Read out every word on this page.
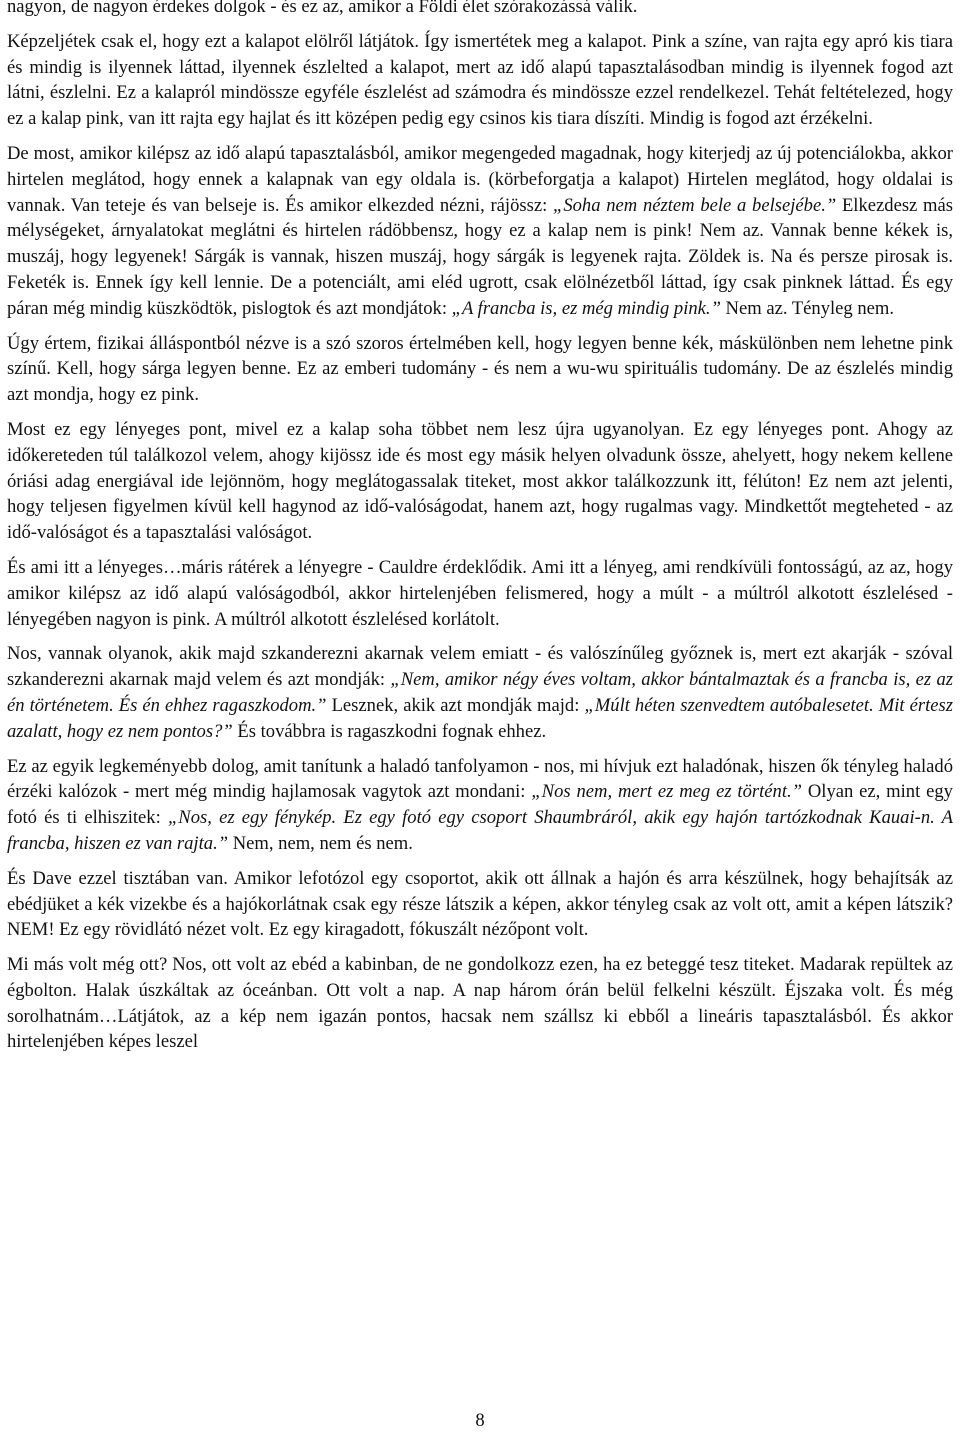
nagyon, de nagyon érdekes dolgok - és ez az, amikor a Földi élet szórakozássá válik.

Képzeljétek csak el, hogy ezt a kalapot elölről látjátok. Így ismertétek meg a kalapot. Pink a színe, van rajta egy apró kis tiara és mindig is ilyennek láttad, ilyennek észlelted a kalapot, mert az idő alapú tapasztalásodban mindig is ilyennek fogod azt látni, észlelni. Ez a kalapról mindössze egyféle észlelést ad számodra és mindössze ezzel rendelkezel. Tehát feltételezed, hogy ez a kalap pink, van itt rajta egy hajlat és itt középen pedig egy csinos kis tiara díszíti. Mindig is fogod azt érzékelni.

De most, amikor kilépsz az idő alapú tapasztalásból, amikor megengeded magadnak, hogy kiterjedj az új potenciálokba, akkor hirtelen meglátod, hogy ennek a kalapnak van egy oldala is. (körbeforgatja a kalapot) Hirtelen meglátod, hogy oldalai is vannak. Van teteje és van belseje is. És amikor elkezded nézni, rájössz: „Soha nem néztem bele a belsejébe.” Elkezdesz más mélységeket, árnyalatokat meglátni és hirtelen rádöbbensz, hogy ez a kalap nem is pink! Nem az. Vannak benne kékek is, muszáj, hogy legyenek! Sárgák is vannak, hiszen muszáj, hogy sárgák is legyenek rajta. Zöldek is. Na és persze pirosak is. Feketék is. Ennek így kell lennie. De a potenciált, ami eléd ugrott, csak elölnézetből láttad, így csak pinknek láttad. És egy páran még mindig küszködtök, pislogtok és azt mondjátok: „A francba is, ez még mindig pink.” Nem az. Tényleg nem.

Úgy értem, fizikai álláspontból nézve is a szó szoros értelmében kell, hogy legyen benne kék, máskülönben nem lehetne pink színű. Kell, hogy sárga legyen benne. Ez az emberi tudomány - és nem a wu-wu spirituális tudomány. De az észlelés mindig azt mondja, hogy ez pink.

Most ez egy lényeges pont, mivel ez a kalap soha többet nem lesz újra ugyanolyan. Ez egy lényeges pont. Ahogy az időkereteden túl találkozol velem, ahogy kijössz ide és most egy másik helyen olvadunk össze, ahelyett, hogy nekem kellene óriási adag energiával ide lejönnöm, hogy meglátogassalak titeket, most akkor találkozzunk itt, félúton! Ez nem azt jelenti, hogy teljesen figyelmen kívül kell hagynod az idő-valóságodat, hanem azt, hogy rugalmas vagy. Mindkettőt megteheted - az idő-valóságot és a tapasztalási valóságot.

És ami itt a lényeges…máris rátérek a lényegre - Cauldre érdeklődik. Ami itt a lényeg, ami rendkívüli fontosságú, az az, hogy amikor kilépsz az idő alapú valóságodból, akkor hirtelenjében felismered, hogy a múlt - a múltról alkotott észlelésed - lényegében nagyon is pink. A múltról alkotott észlelésed korlátolt.

Nos, vannak olyanok, akik majd szkanderezni akarnak velem emiatt - és valószínűleg győznek is, mert ezt akarják - szóval szkanderezni akarnak majd velem és azt mondják: „Nem, amikor négy éves voltam, akkor bántalmaztak és a francba is, ez az én történetem. És én ehhez ragaszkodom.” Lesznek, akik azt mondják majd: „Múlt héten szenvedtem autóbalesetet. Mit értesz azalatt, hogy ez nem pontos?” És továbbra is ragaszkodni fognak ehhez.

Ez az egyik legkeményebb dolog, amit tanítunk a haladó tanfolyamon - nos, mi hívjuk ezt haladónak, hiszen ők tényleg haladó érzéki kalózok - mert még mindig hajlamosak vagytok azt mondani: „Nos nem, mert ez meg ez történt.” Olyan ez, mint egy fotó és ti elhiszitek: „Nos, ez egy fénykép. Ez egy fotó egy csoport Shaumbráról, akik egy hajón tartózkodnak Kauai-n. A francba, hiszen ez van rajta.” Nem, nem, nem és nem.

És Dave ezzel tisztában van. Amikor lefotózol egy csoportot, akik ott állnak a hajón és arra készülnek, hogy behajítsák az ebédjüket a kék vizekbe és a hajókorlátnak csak egy része látszik a képen, akkor tényleg csak az volt ott, amit a képen látszik? NEM! Ez egy rövidlátó nézet volt. Ez egy kiragadott, fókuszált nézőpont volt.

Mi más volt még ott? Nos, ott volt az ebéd a kabinban, de ne gondolkozz ezen, ha ez beteggé tesz titeket. Madarak repültek az égbolton. Halak úszkáltak az óceánban. Ott volt a nap. A nap három órán belül felkelni készült. Éjszaka volt. És még sorolhatnám…Látjátok, az a kép nem igazán pontos, hacsak nem szállsz ki ebből a lineáris tapasztalásból. És akkor hirtelenjében képes leszel

8
